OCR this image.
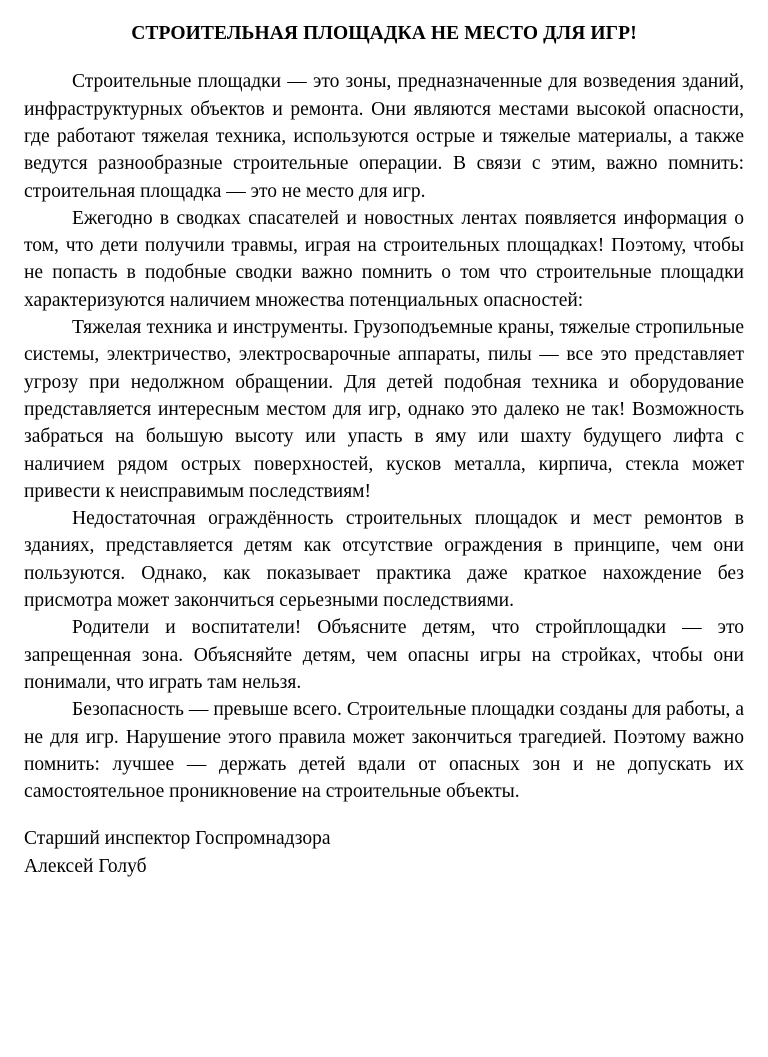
СТРОИТЕЛЬНАЯ ПЛОЩАДКА НЕ МЕСТО ДЛЯ ИГР!

Строительные площадки — это зоны, предназначенные для возведения зданий, инфраструктурных объектов и ремонта. Они являются местами высокой опасности, где работают тяжелая техника, используются острые и тяжелые материалы, а также ведутся разнообразные строительные операции. В связи с этим, важно помнить: строительная площадка — это не место для игр.

Ежегодно в сводках спасателей и новостных лентах появляется информация о том, что дети получили травмы, играя на строительных площадках! Поэтому, чтобы не попасть в подобные сводки важно помнить о том что строительные площадки характеризуются наличием множества потенциальных опасностей:

Тяжелая техника и инструменты. Грузоподъемные краны, тяжелые стропильные системы, электричество, электросварочные аппараты, пилы — все это представляет угрозу при недолжном обращении. Для детей подобная техника и оборудование представляется интересным местом для игр, однако это далеко не так! Возможность забраться на большую высоту или упасть в яму или шахту будущего лифта с наличием рядом острых поверхностей, кусков металла, кирпича, стекла может привести к неисправимым последствиям!

Недостаточная ограждённость строительных площадок и мест ремонтов в зданиях, представляется детям как отсутствие ограждения в принципе, чем они пользуются. Однако, как показывает практика даже краткое нахождение без присмотра может закончиться серьезными последствиями.

Родители и воспитатели! Объясните детям, что стройплощадки — это запрещенная зона. Объясняйте детям, чем опасны игры на стройках, чтобы они понимали, что играть там нельзя.

Безопасность — превыше всего. Строительные площадки созданы для работы, а не для игр. Нарушение этого правила может закончиться трагедией. Поэтому важно помнить: лучшее — держать детей вдали от опасных зон и не допускать их самостоятельное проникновение на строительные объекты.

Старший инспектор Госпромнадзора

Алексей Голуб
